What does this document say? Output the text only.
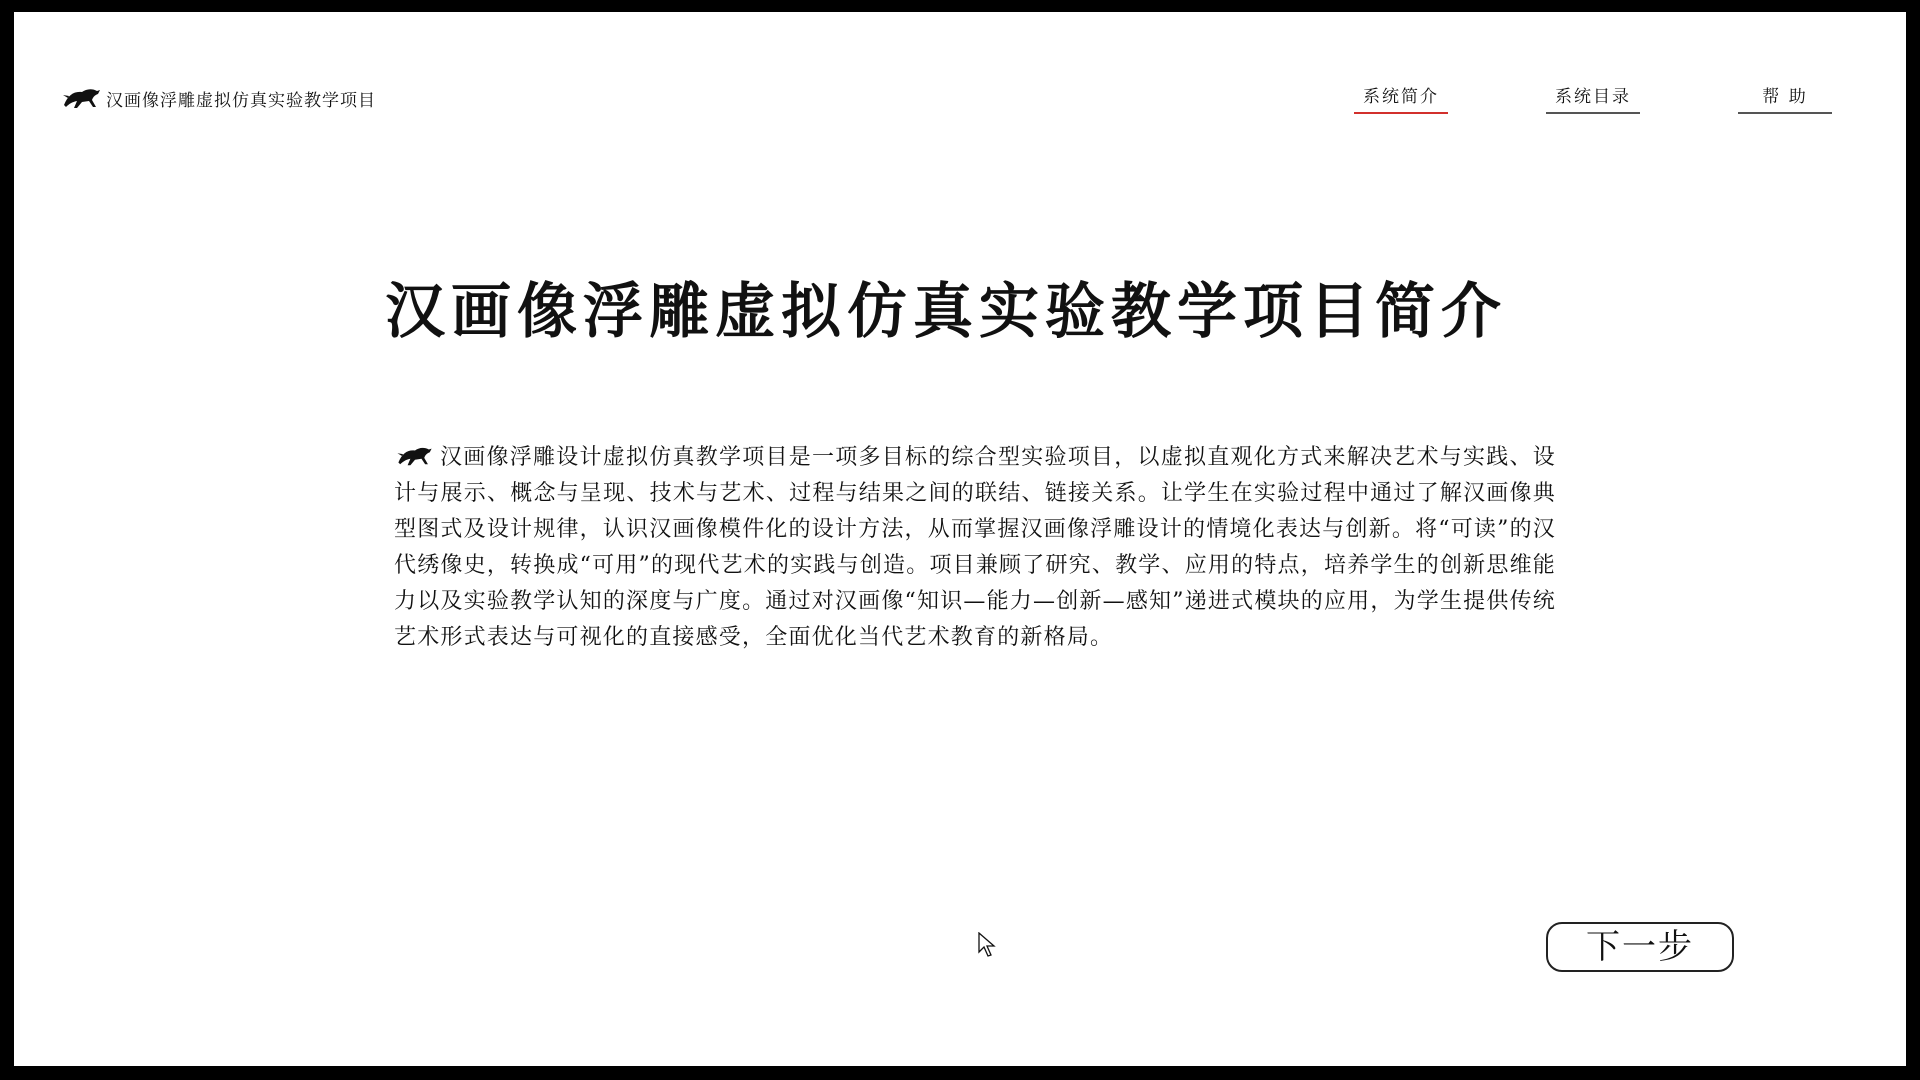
汉画像浮雕虚拟仿真实验教学项目	系统简介	系统目录	帮 助
汉画像浮雕虚拟仿真实验教学项目简介

汉画像浮雕设计虚拟仿真教学项目是一项多目标的综合型实验项目，以虚拟直观化方式来解决艺术与实践、设计与展示、概念与呈现、技术与艺术、过程与结果之间的联结、链接关系。让学生在实验过程中通过了解汉画像典型图式及设计规律，认识汉画像模件化的设计方法，从而掌握汉画像浮雕设计的情境化表达与创新。将“可读”的汉代绣像史，转换成“可用”的现代艺术的实践与创造。项目兼顾了研究、教学、应用的特点，培养学生的创新思维能力以及实验教学认知的深度与广度。通过对汉画像“知识—能力—创新—感知”递进式模块的应用，为学生提供传统艺术形式表达与可视化的直接感受，全面优化当代艺术教育的新格局。

下一步
